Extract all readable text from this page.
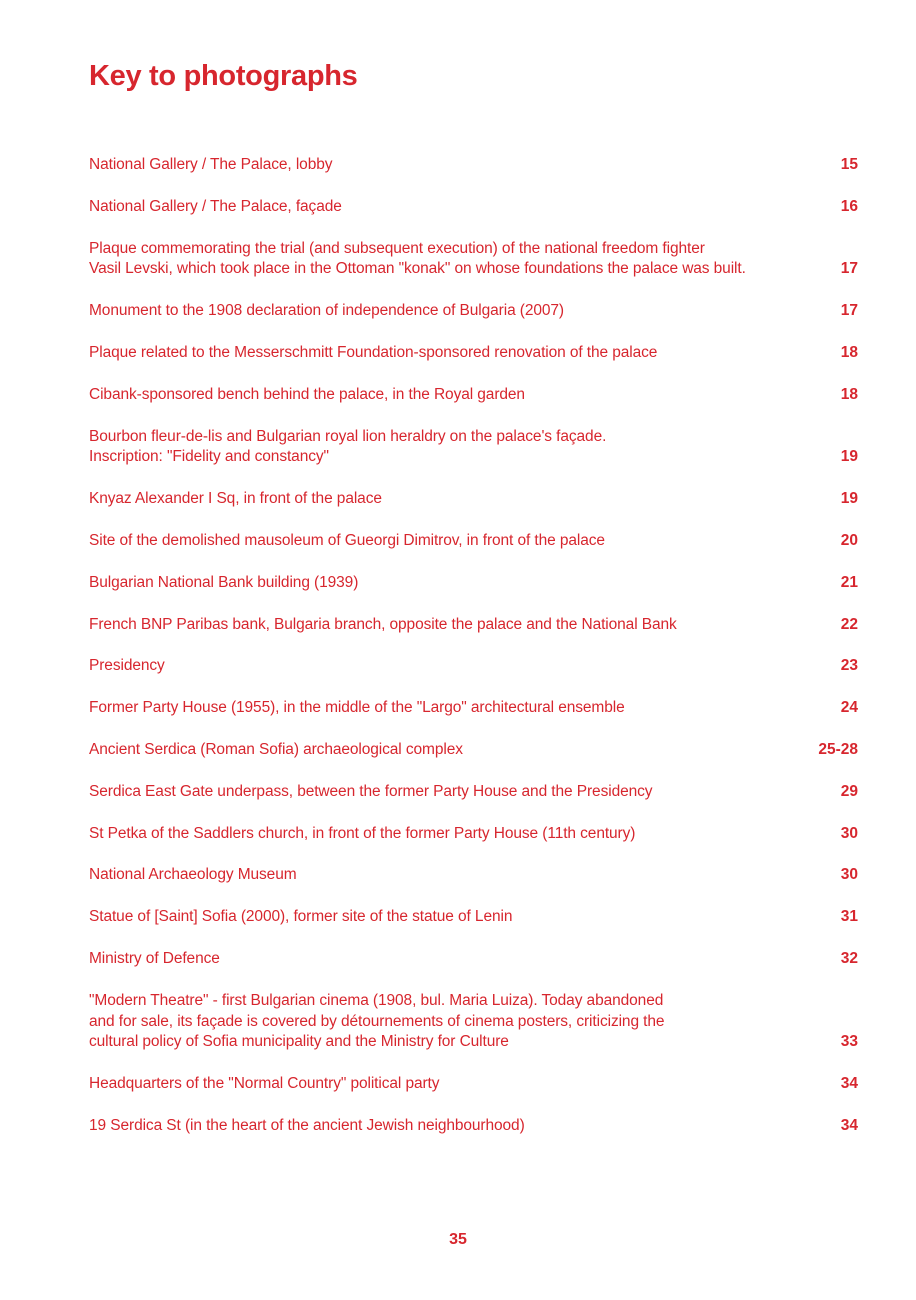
Key to photographs
National Gallery / The Palace, lobby	15
National Gallery / The Palace, façade	16
Plaque commemorating the trial (and subsequent execution) of the national freedom fighter
Vasil Levski, which took place in the Ottoman "konak" on whose foundations the palace was built.	17
Monument to the 1908 declaration of independence of Bulgaria (2007)	17
Plaque related to the Messerschmitt Foundation-sponsored renovation of the palace	18
Cibank-sponsored bench behind the palace, in the Royal garden	18
Bourbon fleur-de-lis and Bulgarian royal lion heraldry on the palace's façade.
Inscription: "Fidelity and constancy"	19
Knyaz Alexander I Sq, in front of the palace	19
Site of the demolished mausoleum of Gueorgi Dimitrov, in front of the palace	20
Bulgarian National Bank building (1939)	21
French BNP Paribas bank, Bulgaria branch, opposite the palace and the National Bank	22
Presidency	23
Former Party House (1955), in the middle of the "Largo" architectural ensemble	24
Ancient Serdica (Roman Sofia) archaeological complex	25-28
Serdica East Gate underpass, between the former Party House and the Presidency	29
St Petka of the Saddlers church, in front of the former Party House (11th century)	30
National Archaeology Museum	30
Statue of [Saint] Sofia (2000), former site of the statue of Lenin	31
Ministry of Defence	32
"Modern Theatre" - first Bulgarian cinema (1908, bul. Maria Luiza). Today abandoned
and for sale, its façade is covered by détournements of cinema posters, criticizing the
cultural policy of Sofia municipality and the Ministry for Culture	33
Headquarters of the "Normal Country" political party	34
19 Serdica St (in the heart of the ancient Jewish neighbourhood)	34
35
